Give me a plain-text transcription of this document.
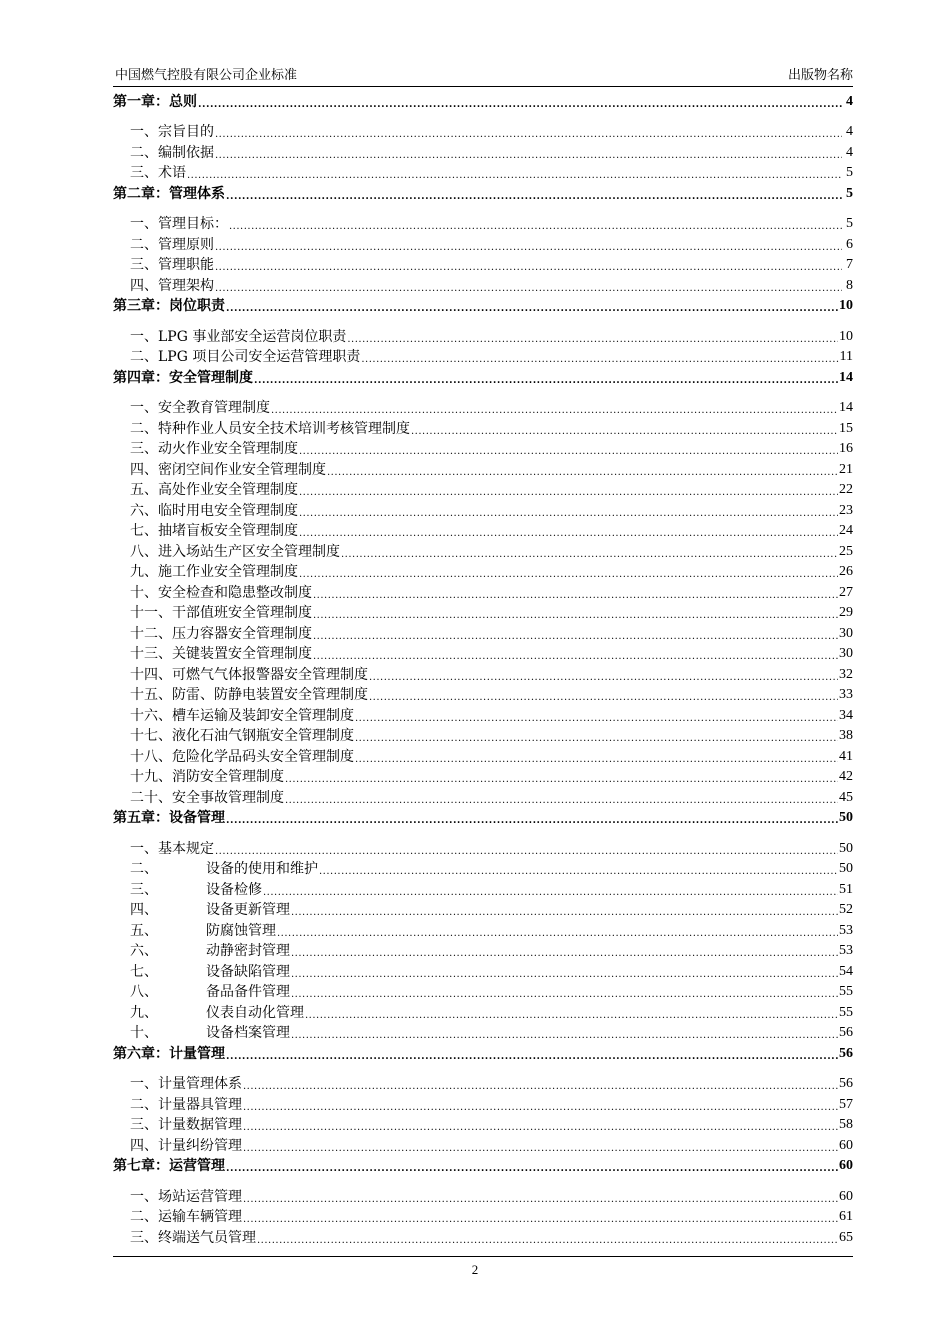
中国燃气控股有限公司企业标准	出版物名称
第一章：总则 .....	4
一、宗旨目的 .....	4
二、编制依据 .....	4
三、术语 .....	5
第二章：管理体系 .....	5
一、管理目标： .....	5
二、管理原则 .....	6
三、管理职能 .....	7
四、管理架构 .....	8
第三章：岗位职责 .....	10
一、LPG 事业部安全运营岗位职责 .....	10
二、LPG 项目公司安全运营管理职责 .....	11
第四章：安全管理制度 .....	14
一、安全教育管理制度 .....	14
二、特种作业人员安全技术培训考核管理制度 .....	15
三、动火作业安全管理制度 .....	16
四、密闭空间作业安全管理制度 .....	21
五、高处作业安全管理制度 .....	22
六、临时用电安全管理制度 .....	23
七、抽堵盲板安全管理制度 .....	24
八、进入场站生产区安全管理制度 .....	25
九、施工作业安全管理制度 .....	26
十、安全检查和隐患整改制度 .....	27
十一、干部值班安全管理制度 .....	29
十二、压力容器安全管理制度 .....	30
十三、关键装置安全管理制度 .....	30
十四、可燃气气体报警器安全管理制度 .....	32
十五、防雷、防静电装置安全管理制度 .....	33
十六、槽车运输及装卸安全管理制度 .....	34
十七、液化石油气钢瓶安全管理制度 .....	38
十八、危险化学品码头安全管理制度 .....	41
十九、消防安全管理制度 .....	42
二十、安全事故管理制度 .....	45
第五章：设备管理 .....	50
一、基本规定 .....	50
二、	设备的使用和维护 .....	50
三、	设备检修 .....	51
四、	设备更新管理 .....	52
五、	防腐蚀管理 .....	53
六、	动静密封管理 .....	53
七、	设备缺陷管理 .....	54
八、	备品备件管理 .....	55
九、	仪表自动化管理 .....	55
十、	设备档案管理 .....	56
第六章：计量管理 .....	56
一、计量管理体系 .....	56
二、计量器具管理 .....	57
三、计量数据管理 .....	58
四、计量纠纷管理 .....	60
第七章：运营管理 .....	60
一、场站运营管理 .....	60
二、运输车辆管理 .....	61
三、终端送气员管理 .....	65
2
